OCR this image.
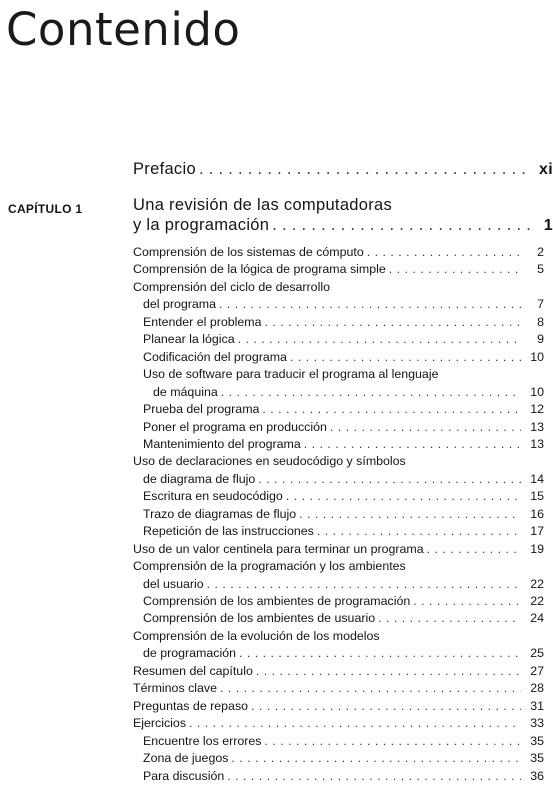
Contenido
Prefacio . . .	xi
CAPÍTULO 1	Una revisión de las computadoras
y la programación . . .	1
Comprensión de los sistemas de cómputo . . .	2
Comprensión de la lógica de programa simple . . .	5
Comprensión del ciclo de desarrollo
del programa . . .	7
Entender el problema . . .	8
Planear la lógica . . .	9
Codificación del programa . . .	10
Uso de software para traducir el programa al lenguaje
de máquina . . .	10
Prueba del programa . . .	12
Poner el programa en producción . . .	13
Mantenimiento del programa . . .	13
Uso de declaraciones en seudocódigo y símbolos
de diagrama de flujo . . .	14
Escritura en seudocódigo . . .	15
Trazo de diagramas de flujo . . .	16
Repetición de las instrucciones . . .	17
Uso de un valor centinela para terminar un programa . . .	19
Comprensión de la programación y los ambientes
del usuario . . .	22
Comprensión de los ambientes de programación . . .	22
Comprensión de los ambientes de usuario . . .	24
Comprensión de la evolución de los modelos
de programación . . .	25
Resumen del capítulo . . .	27
Términos clave . . .	28
Preguntas de repaso . . .	31
Ejercicios . . .	33
Encuentre los errores . . .	35
Zona de juegos . . .	35
Para discusión . . .	36
